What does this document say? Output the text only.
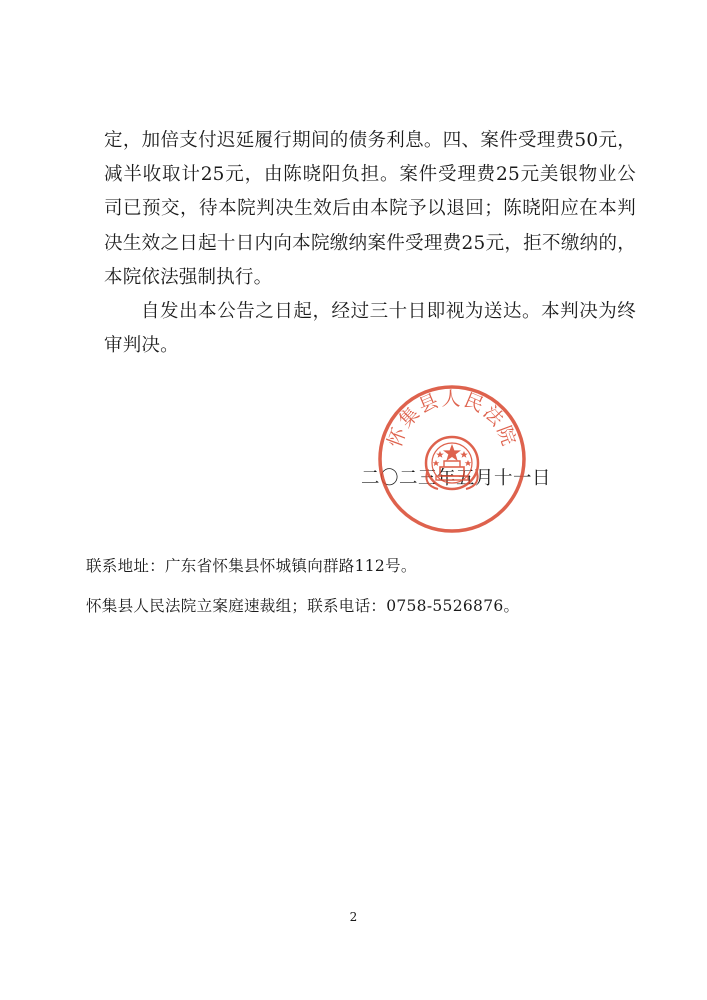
定，加倍支付迟延履行期间的债务利息。四、案件受理费50元，减半收取计25元，由陈晓阳负担。案件受理费25元美银物业公司已预交，待本院判决生效后由本院予以退回；陈晓阳应在本判决生效之日起十日内向本院缴纳案件受理费25元，拒不缴纳的，本院依法强制执行。

自发出本公告之日起，经过三十日即视为送达。本判决为终审判决。

二〇二三年五月十一日
怀集县人民法院
联系地址：广东省怀集县怀城镇向群路112号。
怀集县人民法院立案庭速裁组；联系电话：0758-5526876。
2
